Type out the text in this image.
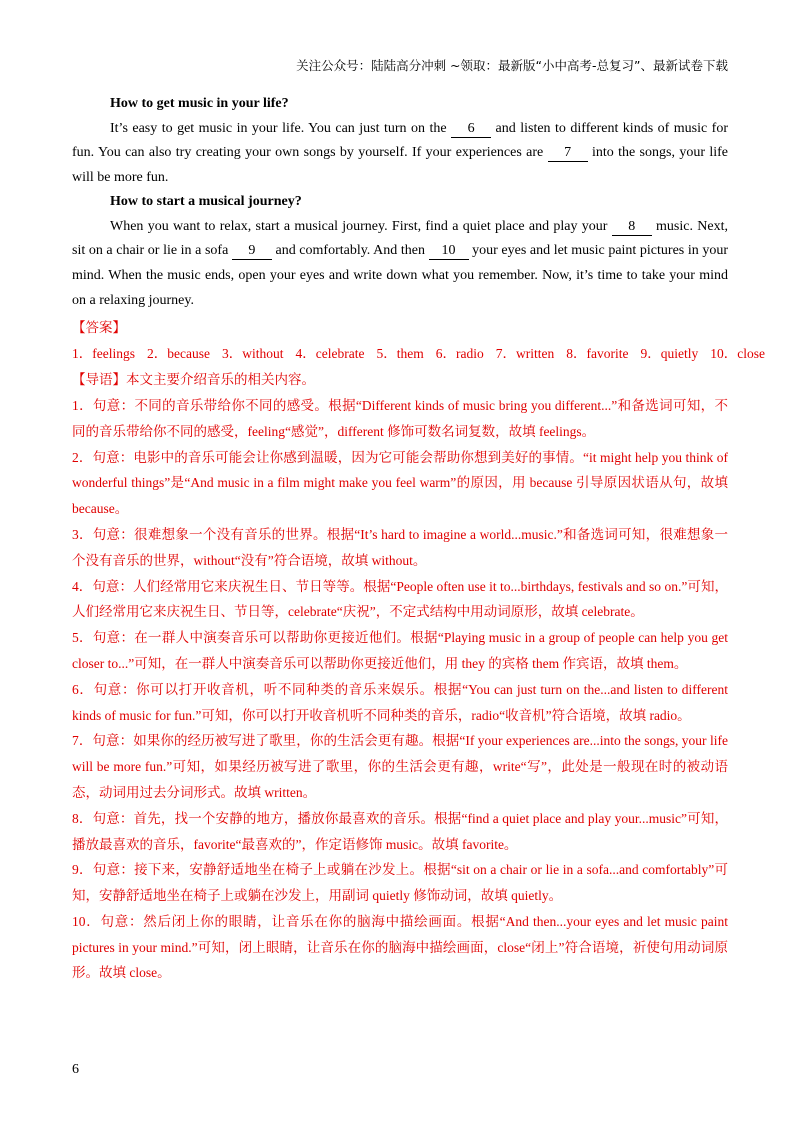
关注公众号：陆陆高分冲刺 ~领取：最新版“小中高考-总复习”、最新试卷下载
How to get music in your life?

It’s easy to get music in your life. You can just turn on the 6 and listen to different kinds of music for fun. You can also try creating your own songs by yourself. If your experiences are 7 into the songs, your life will be more fun.

How to start a musical journey?

When you want to relax, start a musical journey. First, find a quiet place and play your 8 music. Next, sit on a chair or lie in a sofa 9 and comfortably. And then 10 your eyes and let music paint pictures in your mind. When the music ends, open your eyes and write down what you remember. Now, it’s time to take your mind on a relaxing journey.

【答案】1．feelings 2．because 3．without 4．celebrate 5．them 6．radio 7．written 8．favorite 9．quietly 10．close

【导语】本文主要介绍音乐的相关内容。

1．句意：不同的音乐带给你不同的感受。根据“Different kinds of music bring you different...”和备选词可知，不同的音乐带给你不同的感受，feeling“感觉”，different 修饰可数名词复数，故填 feelings。

2．句意：电影中的音乐可能会让你感到温暖，因为它可能会帮助你想到美好的事情。“it might help you think of wonderful things”是“And music in a film might make you feel warm”的原因，用 because 引导原因状语从句，故填because。

3．句意：很难想象一个没有音乐的世界。根据“It’s hard to imagine a world...music.”和备选词可知，很难想象一个没有音乐的世界，without“没有”符合语境，故填 without。

4．句意：人们经常用它来庆祝生日、节日等等。根据“People often use it to...birthdays, festivals and so on.”可知，人们经常用它来庆祝生日、节日等，celebrate“庆祝”，不定式结构中用动词原形，故填 celebrate。

5．句意：在一群人中演奏音乐可以帮助你更接近他们。根据“Playing music in a group of people can help you get closer to...”可知，在一群人中演奏音乐可以帮助你更接近他们，用 they 的宾格 them 作宾语，故填 them。

6．句意：你可以打开收音机，听不同种类的音乐来娱乐。根据“You can just turn on the...and listen to different kinds of music for fun.”可知，你可以打开收音机听不同种类的音乐，radio“收音机”符合语境，故填 radio。

7．句意：如果你的经历被写进了歌里，你的生活会更有趣。根据“If your experiences are...into the songs, your life will be more fun.”可知，如果经历被写进了歌里，你的生活会更有趣，write“写”，此处是一般现在时的被动语态，动词用过去分词形式。故填 written。

8．句意：首先，找一个安静的地方，播放你最喜欢的音乐。根据“find a quiet place and play your...music”可知，播放最喜欢的音乐，favorite“最喜欢的”，作定语修饰 music。故填 favorite。

9．句意：接下来，安静舒适地坐在椅子上或躺在沙发上。根据“sit on a chair or lie in a sofa...and comfortably”可知，安静舒适地坐在椅子上或躺在沙发上，用副词 quietly 修饰动词，故填 quietly。

10．句意：然后闭上你的眼睛，让音乐在你的脑海中描绘画面。根据“And then...your eyes and let music paint pictures in your mind.”可知，闭上眼睛，让音乐在你的脑海中描绘画面，close“闭上”符合语境，祈使句用动词原形。故填 close。

6
